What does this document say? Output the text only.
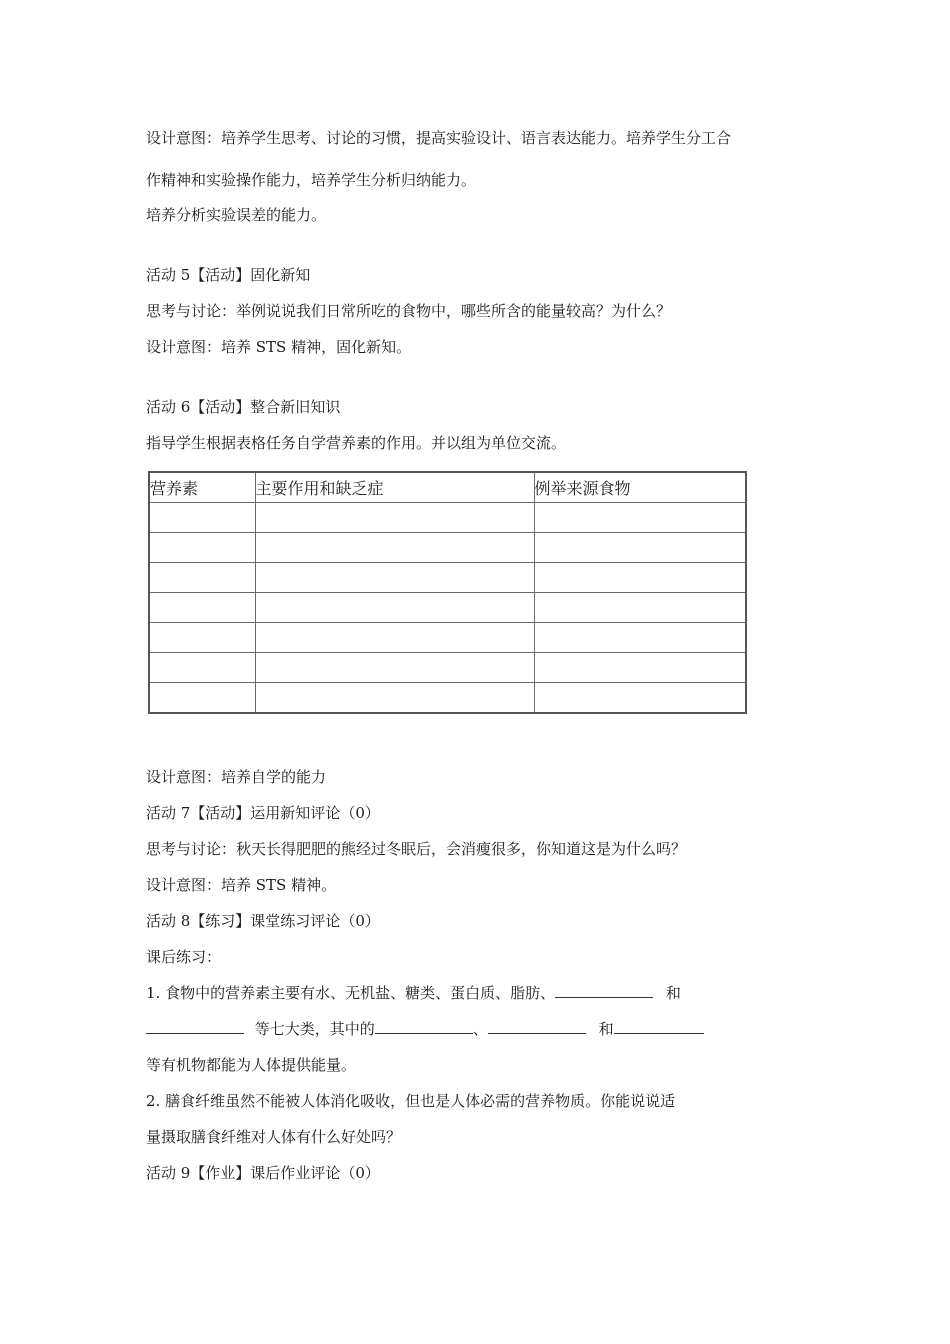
设计意图：培养学生思考、讨论的习惯，提高实验设计、语言表达能力。培养学生分工合
作精神和实验操作能力，培养学生分析归纳能力。
培养分析实验误差的能力。
活动 5【活动】固化新知
思考与讨论：举例说说我们日常所吃的食物中，哪些所含的能量较高？为什么？
设计意图：培养 STS 精神，固化新知。
活动 6【活动】整合新旧知识
指导学生根据表格任务自学营养素的作用。并以组为单位交流。
营养素	主要作用和缺乏症	例举来源食物

设计意图：培养自学的能力
活动 7【活动】运用新知评论（0）
思考与讨论：秋天长得肥肥的熊经过冬眠后，会消瘦很多，你知道这是为什么吗？
设计意图：培养 STS 精神。
活动 8【练习】课堂练习评论（0）
课后练习：
1. 食物中的营养素主要有水、无机盐、糖类、蛋白质、脂肪、	和
等七大类，其中的	、	和
等有机物都能为人体提供能量。
2. 膳食纤维虽然不能被人体消化吸收，但也是人体必需的营养物质。你能说说适
量摄取膳食纤维对人体有什么好处吗？
活动 9【作业】课后作业评论（0）
